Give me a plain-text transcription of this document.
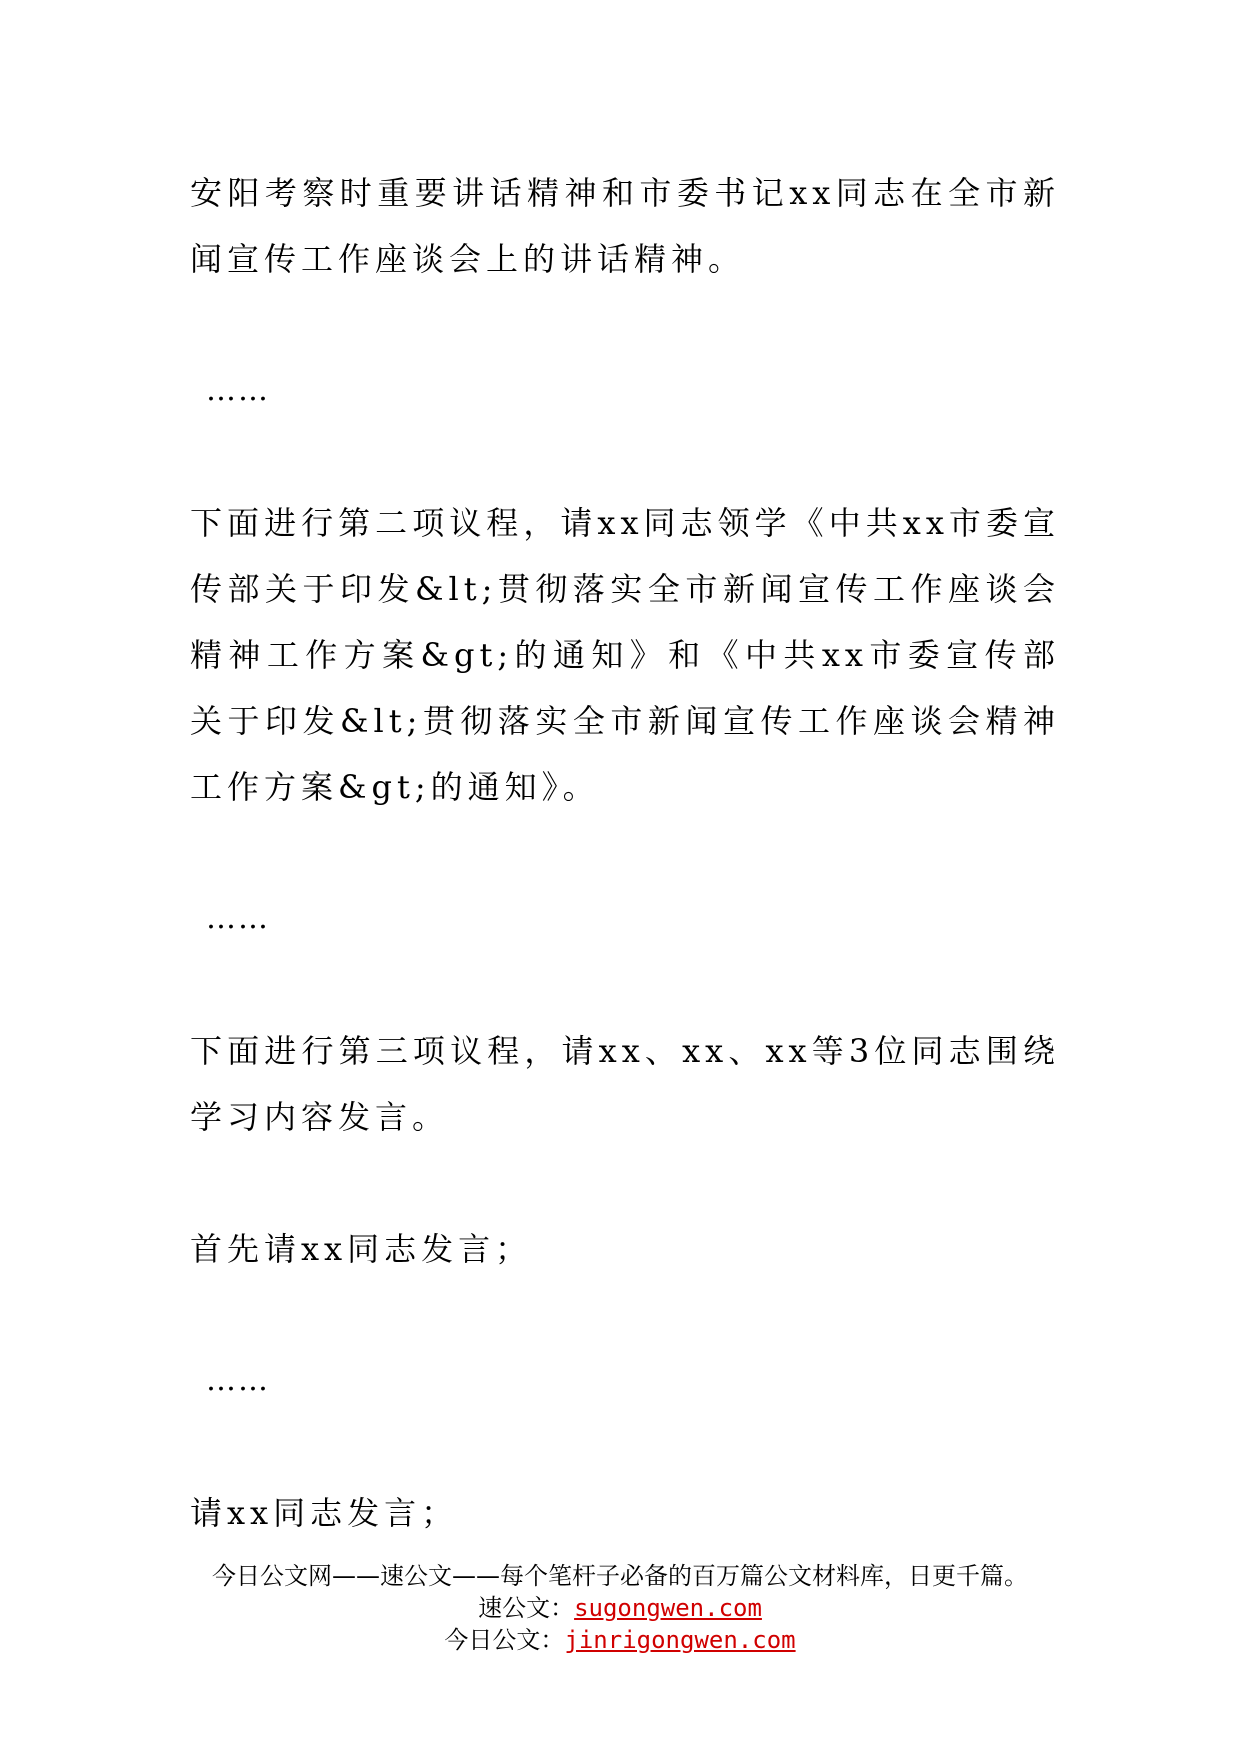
安阳考察时重要讲话精神和市委书记xx同志在全市新闻宣传工作座谈会上的讲话精神。

……

下面进行第二项议程，请xx同志领学《中共xx市委宣传部关于印发&lt;贯彻落实全市新闻宣传工作座谈会精神工作方案&gt;的通知》和《中共xx市委宣传部关于印发&lt;贯彻落实全市新闻宣传工作座谈会精神工作方案&gt;的通知》。

……

下面进行第三项议程，请xx、xx、xx等3位同志围绕学习内容发言。

首先请xx同志发言；

……

请xx同志发言；

今日公文网——速公文——每个笔杆子必备的百万篇公文材料库，日更千篇。

速公文：sugongwen.com

今日公文：jinrigongwen.com
